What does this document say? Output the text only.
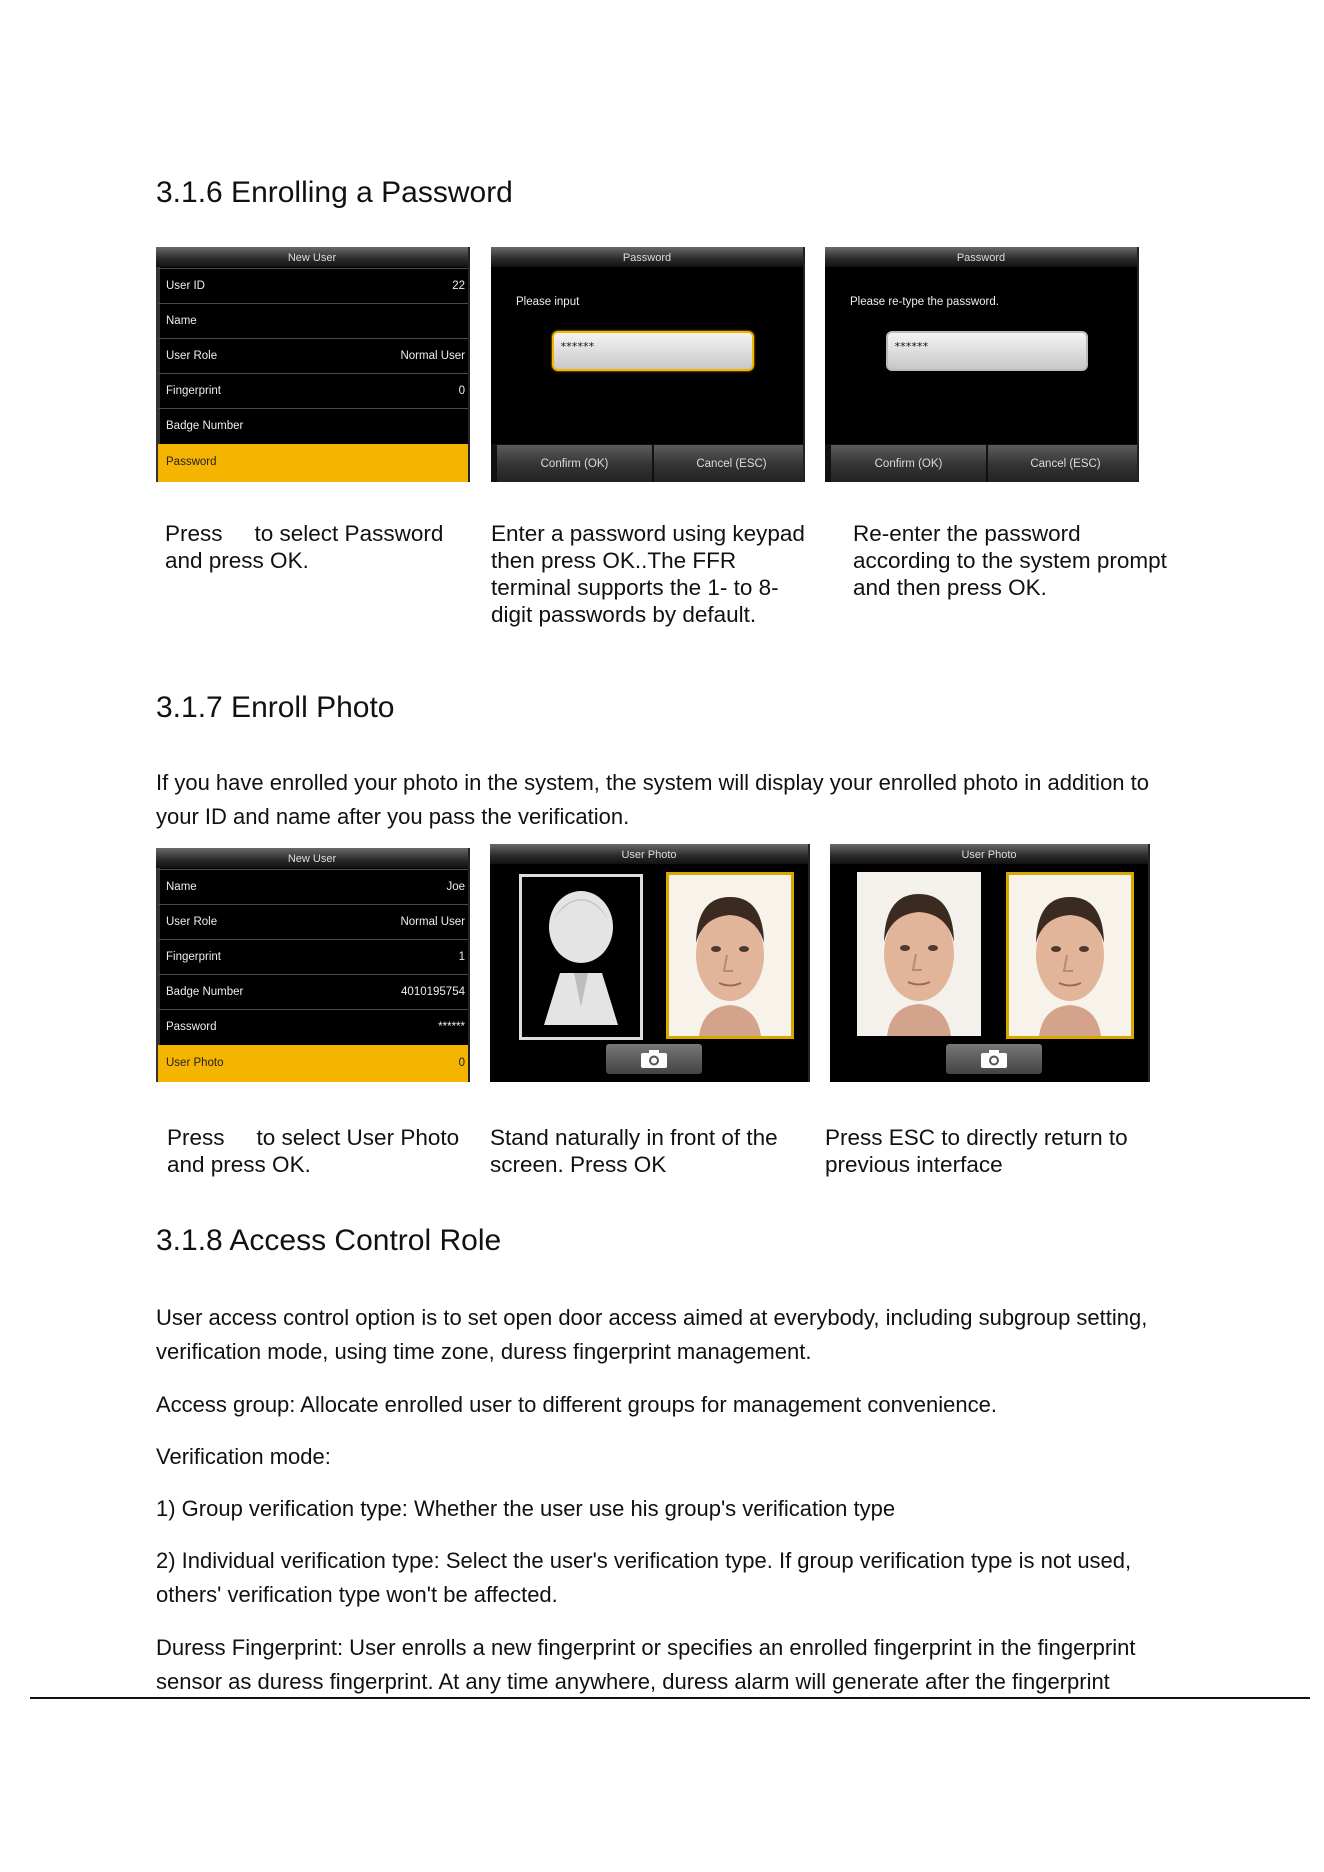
3.1.6 Enrolling a Password
New User
User ID	22
Name
User Role	Normal User
Fingerprint	0
Badge Number
Password
Password
Please input
******
Confirm (OK)	Cancel (ESC)
Password
Please re-type the password.
******
Confirm (OK)	Cancel (ESC)

Press to select Password and press OK.

Enter a password using keypad then press OK..The FFR terminal supports the 1- to 8-digit passwords by default.

Re-enter the password according to the system prompt and then press OK.

3.1.7 Enroll Photo

If you have enrolled your photo in the system, the system will display your enrolled photo in addition to your ID and name after you pass the verification.

New User
Name	Joe
User Role	Normal User
Fingerprint	1
Badge Number	4010195754
Password	******
User Photo	0
User Photo	User Photo

Press to select User Photo and press OK.

Stand naturally in front of the screen. Press OK

Press ESC to directly return to previous interface

3.1.8 Access Control Role

User access control option is to set open door access aimed at everybody, including subgroup setting, verification mode, using time zone, duress fingerprint management.

Access group: Allocate enrolled user to different groups for management convenience.

Verification mode:

1) Group verification type: Whether the user use his group's verification type

2) Individual verification type: Select the user's verification type. If group verification type is not used, others' verification type won't be affected.

Duress Fingerprint: User enrolls a new fingerprint or specifies an enrolled fingerprint in the fingerprint sensor as duress fingerprint. At any time anywhere, duress alarm will generate after the fingerprint
